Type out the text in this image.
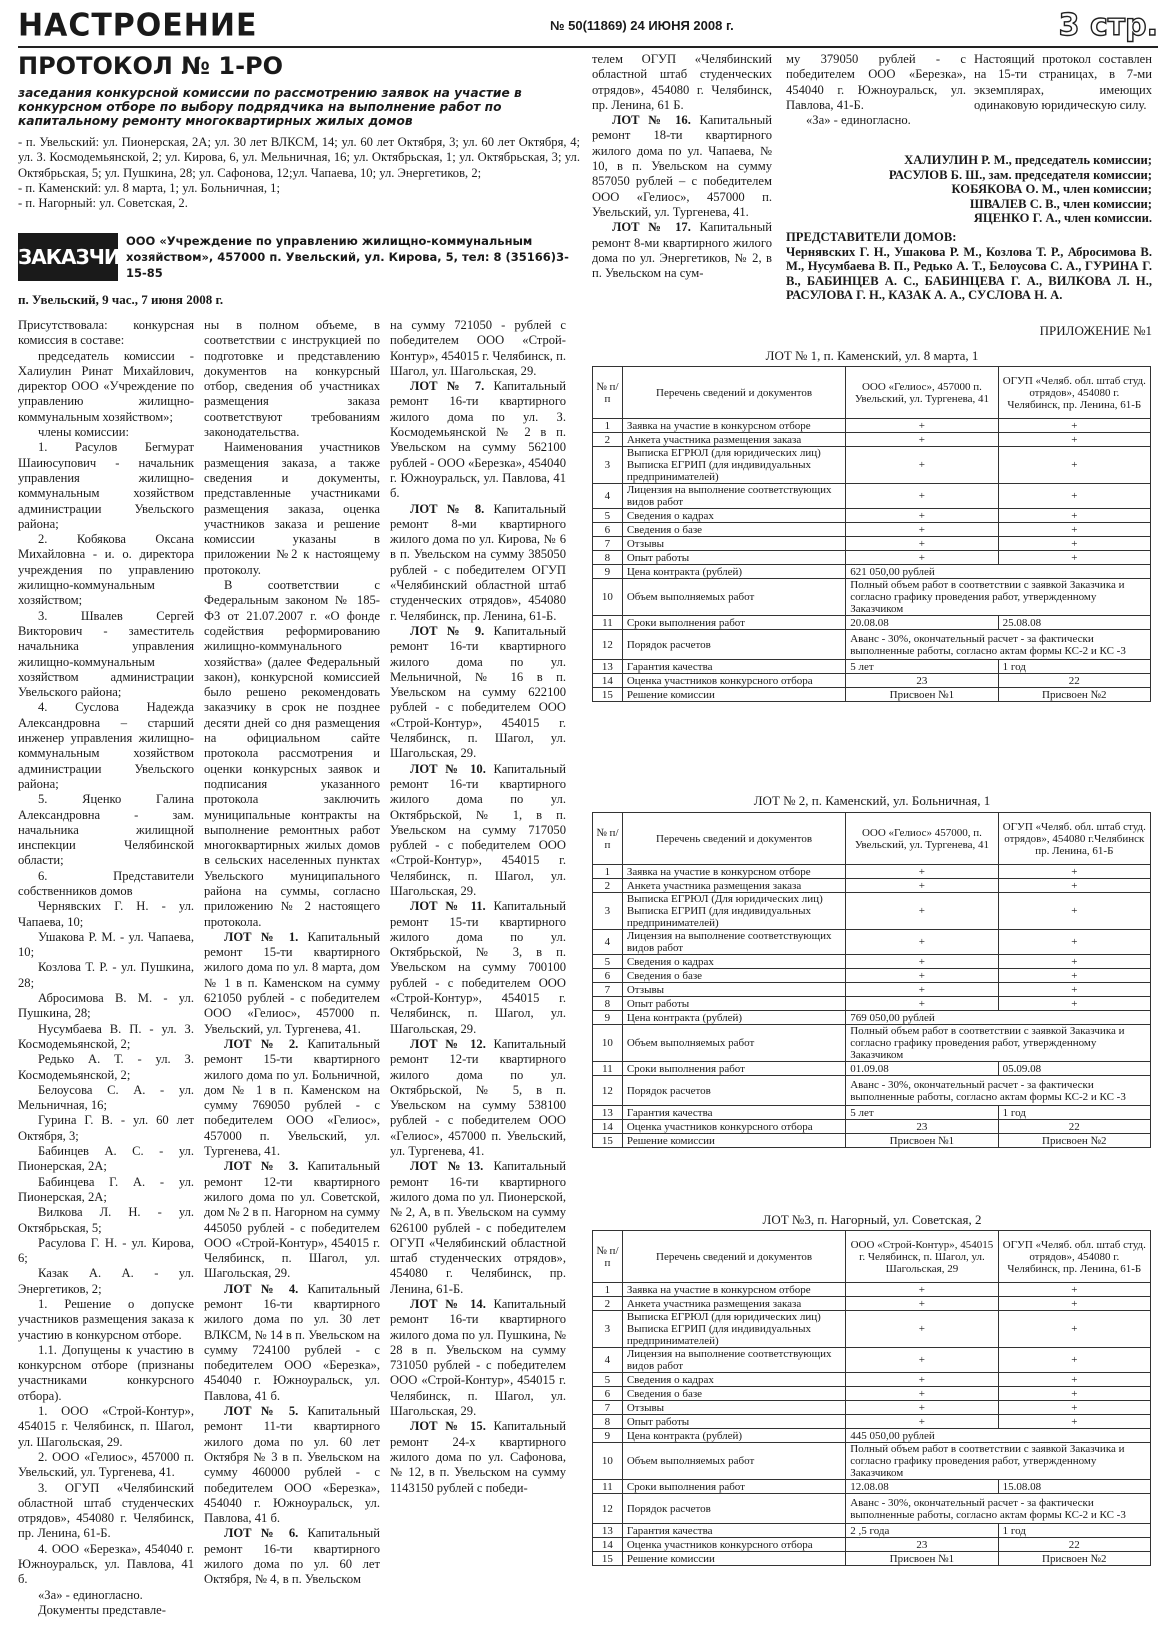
НАСТРОЕНИЕ	№ 50(11869) 24 ИЮНЯ 2008 г.	3 стр.
ПРОТОКОЛ № 1-РО
заседания конкурсной комиссии по рассмотрению заявок на участие в конкурсном отборе по выбору подрядчика на выполнение работ по капитальному ремонту многоквартирных жилых домов

- п. Увельский: ул. Пионерская, 2А; ул. 30 лет ВЛКСМ, 14; ул. 60 лет Октября, 3; ул. 60 лет Октября, 4; ул. З. Космодемьянской, 2; ул. Кирова, 6, ул. Мельничная, 16; ул. Октябрьская, 1; ул. Октябрьская, 3; ул. Октябрьская, 5; ул. Пушкина, 28; ул. Сафонова, 12;ул. Чапаева, 10; ул. Энергетиков, 2;

- п. Каменский: ул. 8 марта, 1; ул. Больничная, 1;

- п. Нагорный: ул. Советская, 2.

ЗАКАЗЧИК:
ООО «Учреждение по управлению жилищно-коммунальным хозяйством», 457000 п. Увельский, ул. Кирова, 5, тел: 8 (35166)3-15-85
п. Увельский, 9 час., 7 июня 2008 г.

Присутствовала: конкурсная комиссия в составе:

председатель комиссии - Халиулин Ринат Михайлович, директор ООО «Учреждение по управлению жилищно-коммунальным хозяйством»;

члены комиссии:

1. Расулов Бегмурат Шаиюсупович - начальник управления жилищно-коммунальным хозяйством администрации Увельского района;

2. Кобякова Оксана Михайловна - и. о. директора учреждения по управлению жилищно-коммунальным хозяйством;

3. Швалев Сергей Викторович - заместитель начальника управления жилищно-коммунальным хозяйством администрации Увельского района;

4. Суслова Надежда Александровна – старший инженер управления жилищно-коммунальным хозяйством администрации Увельского района;

5. Яценко Галина Александровна - зам. начальника жилищной инспекции Челябинской области;

6. Представители собственников домов

Чернявских Г. Н. - ул. Чапаева, 10;

Ушакова Р. М. - ул. Чапаева, 10;

Козлова Т. Р. - ул. Пушкина, 28;

Абросимова В. М. - ул. Пушкина, 28;

Нусумбаева В. П. - ул. З. Космодемьянской, 2;

Редько А. Т. - ул. З. Космодемьянской, 2;

Белоусова С. А. - ул. Мельничная, 16;

Гурина Г. В. - ул. 60 лет Октября, 3;

Бабинцев А. С. - ул. Пионерская, 2А;

Бабинцева Г. А. - ул. Пионерская, 2А;

Вилкова Л. Н. - ул. Октябрьская, 5;

Расулова Г. Н. - ул. Кирова, 6;

Казак А. А. - ул. Энергетиков, 2;

1. Решение о допуске участников размещения заказа к участию в конкурсном отборе.

1.1. Допущены к участию в конкурсном отборе (признаны участниками конкурсного отбора).

1. ООО «Строй-Контур», 454015 г. Челябинск, п. Шагол, ул. Шагольская, 29.

2. ООО «Гелиос», 457000 п. Увельский, ул. Тургенева, 41.

3. ОГУП «Челябинский областной штаб студенческих отрядов», 454080 г. Челябинск, пр. Ленина, 61-Б.

4. ООО «Березка», 454040 г. Южноуральск, ул. Павлова, 41 б.

«За» - единогласно.

Документы представле-

ны в полном объеме, в соответствии с инструкцией по подготовке и представлению документов на конкурсный отбор, сведения об участниках размещения заказа соответствуют требованиям законодательства.

Наименования участников размещения заказа, а также сведения и документы, представленные участниками размещения заказа, оценка участников заказа и решение комиссии указаны в приложении №2 к настоящему протоколу.

В соответствии с Федеральным законом № 185-ФЗ от 21.07.2007 г. «О фонде содействия реформированию жилищно-коммунального хозяйства» (далее Федеральный закон), конкурсной комиссией было решено рекомендовать заказчику в срок не позднее десяти дней со дня размещения на официальном сайте протокола рассмотрения и оценки конкурсных заявок и подписания указанного протокола заключить муниципальные контракты на выполнение ремонтных работ многоквартирных жилых домов в сельских населенных пунктах Увельского муниципального района на суммы, согласно приложению № 2 настоящего протокола.

ЛОТ № 1. Капитальный ремонт 15-ти квартирного жилого дома по ул. 8 марта, дом № 1 в п. Каменском на сумму 621050 рублей - с победителем ООО «Гелиос», 457000 п. Увельский, ул. Тургенева, 41.

ЛОТ № 2. Капитальный ремонт 15-ти квартирного жилого дома по ул. Больничной, дом № 1 в п. Каменском на сумму 769050 рублей - с победителем ООО «Гелиос», 457000 п. Увельский, ул. Тургенева, 41.

ЛОТ № 3. Капитальный ремонт 12-ти квартирного жилого дома по ул. Советской, дом № 2 в п. Нагорном на сумму 445050 рублей - с победителем ООО «Строй-Контур», 454015 г. Челябинск, п. Шагол, ул. Шагольская, 29.

ЛОТ № 4. Капитальный ремонт 16-ти квартирного жилого дома по ул. 30 лет ВЛКСМ, № 14 в п. Увельском на сумму 724100 рублей - с победителем ООО «Березка», 454040 г. Южноуральск, ул. Павлова, 41 б.

ЛОТ № 5. Капитальный ремонт 11-ти квартирного жилого дома по ул. 60 лет Октября № 3 в п. Увельском на сумму 460000 рублей - с победителем ООО «Березка», 454040 г. Южноуральск, ул. Павлова, 41 б.

ЛОТ № 6. Капитальный ремонт 16-ти квартирного жилого дома по ул. 60 лет Октября, № 4, в п. Увельском

на сумму 721050 - рублей с победителем ООО «Строй-Контур», 454015 г. Челябинск, п. Шагол, ул. Шагольская, 29.

ЛОТ № 7. Капитальный ремонт 16-ти квартирного жилого дома по ул. З. Космодемьянской № 2 в п. Увельском на сумму 562100 рублей - ООО «Березка», 454040 г. Южноуральск, ул. Павлова, 41 б.

ЛОТ № 8. Капитальный ремонт 8-ми квартирного жилого дома по ул. Кирова, № 6 в п. Увельском на сумму 385050 рублей - с победителем ОГУП «Челябинский областной штаб студенческих отрядов», 454080 г. Челябинск, пр. Ленина, 61-Б.

ЛОТ № 9. Капитальный ремонт 16-ти квартирного жилого дома по ул. Мельничной, № 16 в п. Увельском на сумму 622100 рублей - с победителем ООО «Строй-Контур», 454015 г. Челябинск, п. Шагол, ул. Шагольская, 29.

ЛОТ № 10. Капитальный ремонт 16-ти квартирного жилого дома по ул. Октябрьской, № 1, в п. Увельском на сумму 717050 рублей - с победителем ООО «Строй-Контур», 454015 г. Челябинск, п. Шагол, ул. Шагольская, 29.

ЛОТ № 11. Капитальный ремонт 15-ти квартирного жилого дома по ул. Октябрьской, № 3, в п. Увельском на сумму 700100 рублей - с победителем ООО «Строй-Контур», 454015 г. Челябинск, п. Шагол, ул. Шагольская, 29.

ЛОТ № 12. Капитальный ремонт 12-ти квартирного жилого дома по ул. Октябрьской, № 5, в п. Увельском на сумму 538100 рублей - с победителем ООО «Гелиос», 457000 п. Увельский, ул. Тургенева, 41.

ЛОТ №13. Капитальный ремонт 16-ти квартирного жилого дома по ул. Пионерской, № 2, А, в п. Увельском на сумму 626100 рублей - с победителем ОГУП «Челябинский областной штаб студенческих отрядов», 454080 г. Челябинск, пр. Ленина, 61-Б.

ЛОТ № 14. Капитальный ремонт 16-ти квартирного жилого дома по ул. Пушкина, № 28 в п. Увельском на сумму 731050 рублей - с победителем ООО «Строй-Контур», 454015 г. Челябинск, п. Шагол, ул. Шагольская, 29.

ЛОТ № 15. Капитальный ремонт 24-х квартирного жилого дома по ул. Сафонова, № 12, в п. Увельском на сумму 1143150 рублей с победи-

телем ОГУП «Челябинский областной штаб студенческих отрядов», 454080 г. Челябинск, пр. Ленина, 61 Б.

ЛОТ № 16. Капитальный ремонт 18-ти квартирного жилого дома по ул. Чапаева, № 10, в п. Увельском на сумму 857050 рублей – с победителем ООО «Гелиос», 457000 п. Увельский, ул. Тургенева, 41.

ЛОТ № 17. Капитальный ремонт 8-ми квартирного жилого дома по ул. Энергетиков, № 2, в п. Увельском на сум-

му 379050 рублей - с победителем ООО «Березка», 454040 г. Южноуральск, ул. Павлова, 41-Б.

«За» - единогласно.

Настоящий протокол составлен на 15-ти страницах, в 7-ми экземплярах, имеющих одинаковую юридическую силу.

ХАЛИУЛИН Р. М., председатель комиссии;

РАСУЛОВ Б. Ш., зам. председателя комиссии;

КОБЯКОВА О. М., член комиссии;

ШВАЛЕВ С. В., член комиссии;

ЯЦЕНКО Г. А., член комиссии.

ПРЕДСТАВИТЕЛИ ДОМОВ:

Чернявских Г. Н., Ушакова Р. М., Козлова Т. Р., Абросимова В. М., Нусумбаева В. П., Редько А. Т., Белоусова С. А., ГУРИНА Г. В., БАБИНЦЕВ А. С., БАБИНЦЕВА Г. А., ВИЛКОВА Л. Н., РАСУЛОВА Г. Н., КАЗАК А. А., СУСЛОВА Н. А.

ПРИЛОЖЕНИЕ №1
ЛОТ № 1, п. Каменский, ул. 8 марта, 1
№ п/п	Перечень сведений и документов	ООО «Гелиос», 457000 п. Увельский, ул. Тургенева, 41	ОГУП «Челяб. обл. штаб студ. отрядов», 454080 г. Челябинск, пр. Ленина, 61-Б
1	Заявка на участие в конкурсном отборе	+	+
2	Анкета участника размещения заказа	+	+
3	Выписка ЕГРЮЛ (для юридических лиц) Выписка ЕГРИП (для индивидуальных предпринимателей)	+	+
4	Лицензия на выполнение соответствующих видов работ	+	+
5	Сведения о кадрах	+	+
6	Сведения о базе	+	+
7	Отзывы	+	+
8	Опыт работы	+	+
9	Цена контракта (рублей)	621 050,00 рублей	
10	Объем выполняемых работ	Полный объем работ в соответствии с заявкой Заказчика и согласно графику проведения работ, утвержденному Заказчиком	
11	Сроки выполнения работ	20.08.08	25.08.08
12	Порядок расчетов	Аванс - 30%, окончательный расчет - за фактически выполненные работы, согласно актам формы КС-2 и КС -3	
13	Гарантия качества	5 лет	1 год
14	Оценка участников конкурсного отбора	23	22
15	Решение комиссии	Присвоен №1	Присвоен №2
ЛОТ № 2, п. Каменский, ул. Больничная, 1
№ п/п	Перечень сведений и документов	ООО «Гелиос» 457000, п. Увельский, ул. Тургенева, 41	ОГУП «Челяб. обл. штаб студ. отрядов», 454080 г.Челябинск пр. Ленина, 61-Б
1	Заявка на участие в конкурсном отборе	+	+
2	Анкета участника размещения заказа	+	+
3	Выписка ЕГРЮЛ (Для юридических лиц) Выписка ЕГРИП (для индивидуальных предпринимателей)	+	+
4	Лицензия на выполнение соответствующих видов работ	+	+
5	Сведения о кадрах	+	+
6	Сведения о базе	+	+
7	Отзывы	+	+
8	Опыт работы	+	+
9	Цена контракта (рублей)	769 050,00 рублей	
10	Объем выполняемых работ	Полный объем работ в соответствии с заявкой Заказчика и согласно графику проведения работ, утвержденному Заказчиком	
11	Сроки выполнения работ	01.09.08	05.09.08
12	Порядок расчетов	Аванс - 30%, окончательный расчет - за фактически выполненные работы, согласно актам формы КС-2 и КС -3	
13	Гарантия качества	5 лет	1 год
14	Оценка участников конкурсного отбора	23	22
15	Решение комиссии	Присвоен №1	Присвоен №2
ЛОТ №3, п. Нагорный, ул. Советская, 2
№ п/п	Перечень сведений и документов	ООО «Строй-Контур», 454015 г. Челябинск, п. Шагол, ул. Шагольская, 29	ОГУП «Челяб. обл. штаб студ. отрядов», 454080 г. Челябинск, пр. Ленина, 61-Б
1	Заявка на участие в конкурсном отборе	+	+
2	Анкета участника размещения заказа	+	+
3	Выписка ЕГРЮЛ (для юридических лиц) Выписка ЕГРИП (для индивидуальных предпринимателей)	+	+
4	Лицензия на выполнение соответствующих видов работ	+	+
5	Сведения о кадрах	+	+
6	Сведения о базе	+	+
7	Отзывы	+	+
8	Опыт работы	+	+
9	Цена контракта (рублей)	445 050,00 рублей	
10	Объем выполняемых работ	Полный объем работ в соответствии с заявкой Заказчика и согласно графику проведения работ, утвержденному Заказчиком	
11	Сроки выполнения работ	12.08.08	15.08.08
12	Порядок расчетов	Аванс - 30%, окончательный расчет - за фактически выполненные работы, согласно актам формы КС-2 и КС -3	
13	Гарантия качества	2 ,5 года	1 год
14	Оценка участников конкурсного отбора	23	22
15	Решение комиссии	Присвоен №1	Присвоен №2
